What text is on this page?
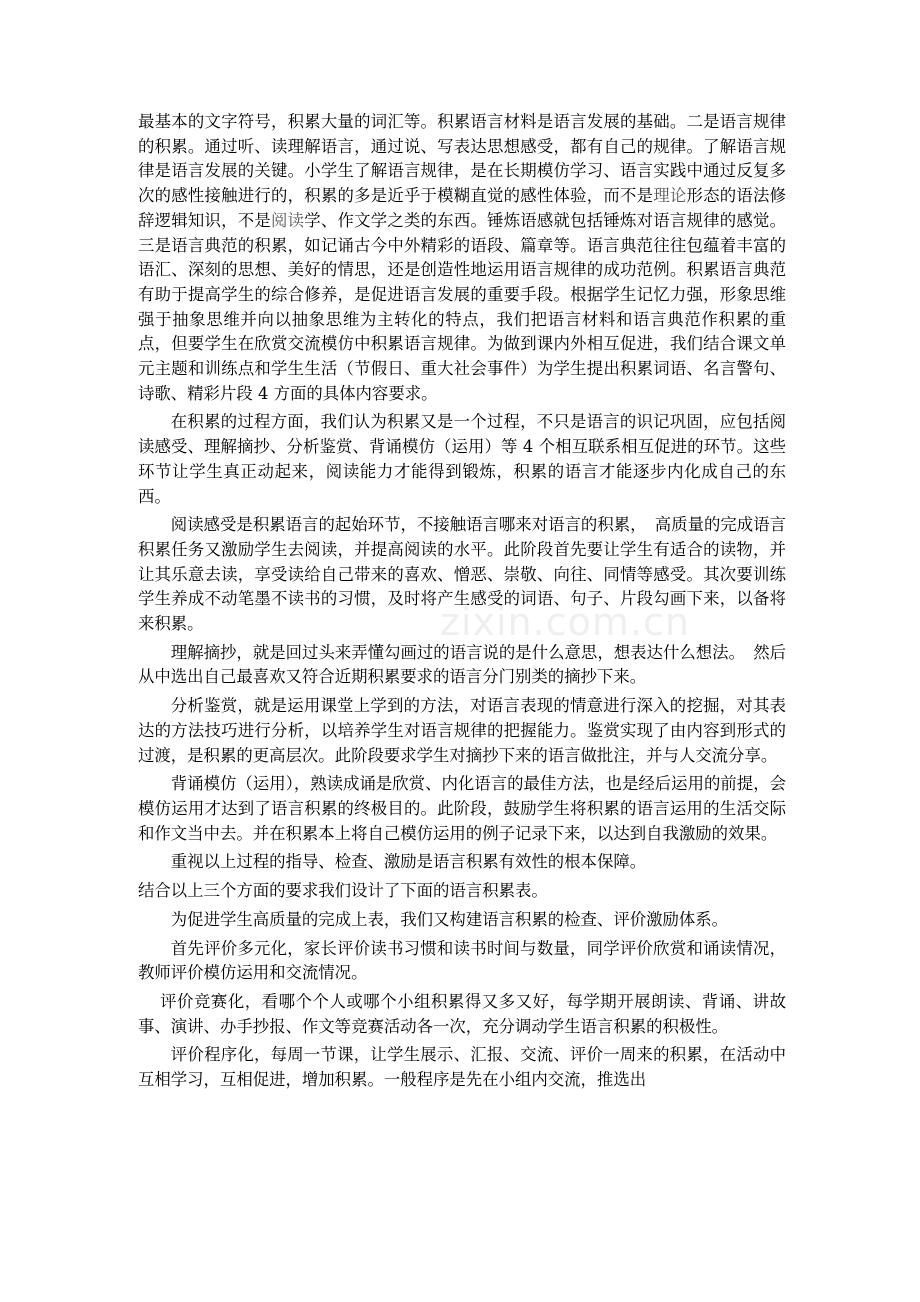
最基本的文字符号，积累大量的词汇等。积累语言材料是语言发展的基础。二是语言规律的积累。通过听、读理解语言，通过说、写表达思想感受，都有自己的规律。了解语言规律是语言发展的关键。小学生了解语言规律，是在长期模仿学习、语言实践中通过反复多次的感性接触进行的，积累的多是近乎于模糊直觉的感性体验，而不是理论形态的语法修辞逻辑知识，不是阅读学、作文学之类的东西。锤炼语感就包括锤炼对语言规律的感觉。三是语言典范的积累，如记诵古今中外精彩的语段、篇章等。语言典范往往包蕴着丰富的语汇、深刻的思想、美好的情思，还是创造性地运用语言规律的成功范例。积累语言典范有助于提高学生的综合修养，是促进语言发展的重要手段。根据学生记忆力强，形象思维强于抽象思维并向以抽象思维为主转化的特点，我们把语言材料和语言典范作积累的重点，但要学生在欣赏交流模仿中积累语言规律。为做到课内外相互促进，我们结合课文单元主题和训练点和学生生活（节假日、重大社会事件）为学生提出积累词语、名言警句、诗歌、精彩片段 4 方面的具体内容要求。

在积累的过程方面，我们认为积累又是一个过程，不只是语言的识记巩固，应包括阅读感受、理解摘抄、分析鉴赏、背诵模仿（运用）等 4 个相互联系相互促进的环节。这些环节让学生真正动起来，阅读能力才能得到锻炼，积累的语言才能逐步内化成自己的东西。

阅读感受是积累语言的起始环节，不接触语言哪来对语言的积累，　高质量的完成语言积累任务又激励学生去阅读，并提高阅读的水平。此阶段首先要让学生有适合的读物，并让其乐意去读，享受读给自己带来的喜欢、憎恶、崇敬、向往、同情等感受。其次要训练学生养成不动笔墨不读书的习惯，及时将产生感受的词语、句子、片段勾画下来，以备将来积累。

理解摘抄，就是回过头来弄懂勾画过的语言说的是什么意思，想表达什么想法。　然后从中选出自己最喜欢又符合近期积累要求的语言分门别类的摘抄下来。

分析鉴赏，就是运用课堂上学到的方法，对语言表现的情意进行深入的挖掘，对其表达的方法技巧进行分析，以培养学生对语言规律的把握能力。鉴赏实现了由内容到形式的过渡，是积累的更高层次。此阶段要求学生对摘抄下来的语言做批注，并与人交流分享。

背诵模仿（运用），熟读成诵是欣赏、内化语言的最佳方法，也是经后运用的前提，会模仿运用才达到了语言积累的终极目的。此阶段，鼓励学生将积累的语言运用的生活交际和作文当中去。并在积累本上将自己模仿运用的例子记录下来，以达到自我激励的效果。

重视以上过程的指导、检查、激励是语言积累有效性的根本保障。

结合以上三个方面的要求我们设计了下面的语言积累表。

为促进学生高质量的完成上表，我们又构建语言积累的检查、评价激励体系。

首先评价多元化，家长评价读书习惯和读书时间与数量，同学评价欣赏和诵读情况，教师评价模仿运用和交流情况。

评价竞赛化，看哪个个人或哪个小组积累得又多又好，每学期开展朗读、背诵、讲故事、演讲、办手抄报、作文等竞赛活动各一次，充分调动学生语言积累的积极性。

评价程序化，每周一节课，让学生展示、汇报、交流、评价一周来的积累，在活动中互相学习，互相促进，增加积累。一般程序是先在小组内交流，推选出

zixin.com.cn
